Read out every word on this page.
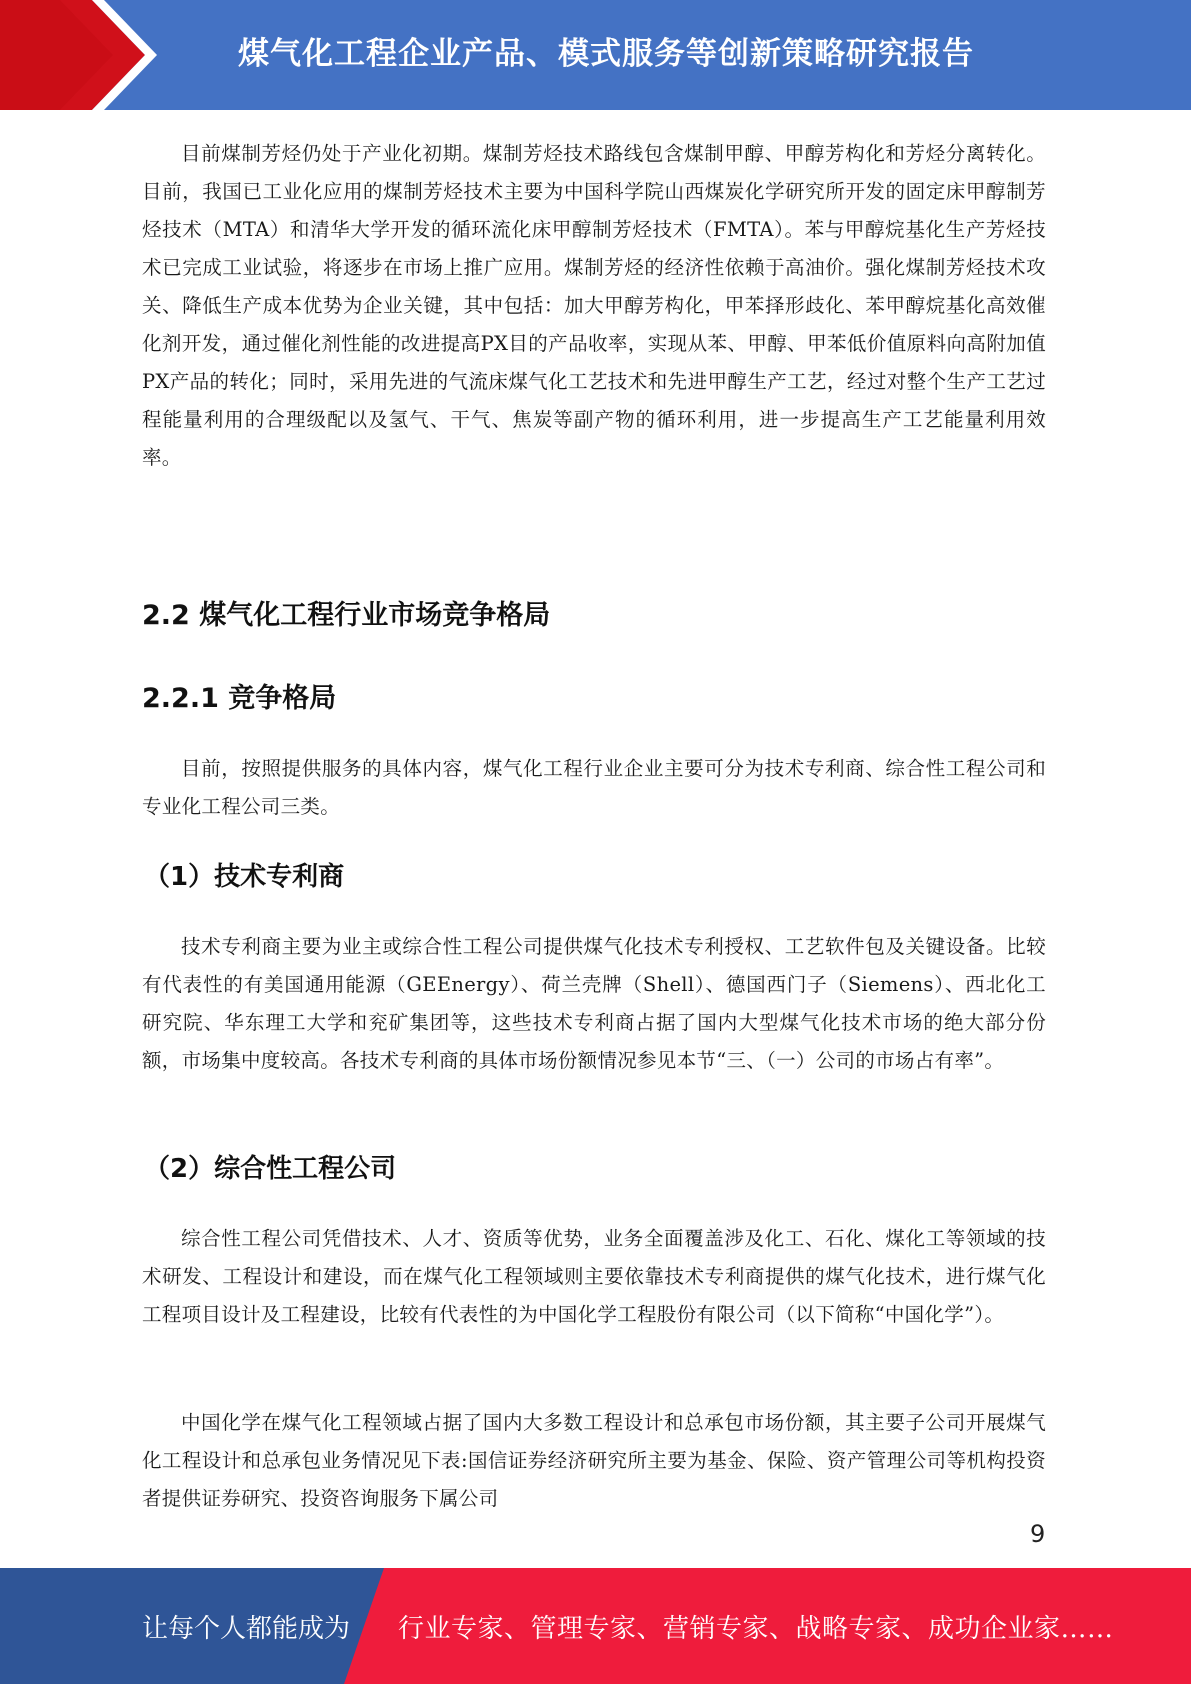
煤气化工程企业产品、模式服务等创新策略研究报告

目前煤制芳烃仍处于产业化初期。煤制芳烃技术路线包含煤制甲醇、甲醇芳构化和芳烃分离转化。目前，我国已工业化应用的煤制芳烃技术主要为中国科学院山西煤炭化学研究所开发的固定床甲醇制芳烃技术（MTA）和清华大学开发的循环流化床甲醇制芳烃技术（FMTA）。苯与甲醇烷基化生产芳烃技术已完成工业试验，将逐步在市场上推广应用。煤制芳烃的经济性依赖于高油价。强化煤制芳烃技术攻关、降低生产成本优势为企业关键，其中包括：加大甲醇芳构化，甲苯择形歧化、苯甲醇烷基化高效催化剂开发，通过催化剂性能的改进提高PX目的产品收率，实现从苯、甲醇、甲苯低价值原料向高附加值PX产品的转化；同时，采用先进的气流床煤气化工艺技术和先进甲醇生产工艺，经过对整个生产工艺过程能量利用的合理级配以及氢气、干气、焦炭等副产物的循环利用，进一步提高生产工艺能量利用效率。

2.2 煤气化工程行业市场竞争格局
2.2.1 竞争格局

目前，按照提供服务的具体内容，煤气化工程行业企业主要可分为技术专利商、综合性工程公司和专业化工程公司三类。

（1）技术专利商

技术专利商主要为业主或综合性工程公司提供煤气化技术专利授权、工艺软件包及关键设备。比较有代表性的有美国通用能源（GEEnergy）、荷兰壳牌（Shell）、德国西门子（Siemens）、西北化工研究院、华东理工大学和兖矿集团等，这些技术专利商占据了国内大型煤气化技术市场的绝大部分份额，市场集中度较高。各技术专利商的具体市场份额情况参见本节“三、（一）公司的市场占有率”。

（2）综合性工程公司

综合性工程公司凭借技术、人才、资质等优势，业务全面覆盖涉及化工、石化、煤化工等领域的技术研发、工程设计和建设，而在煤气化工程领域则主要依靠技术专利商提供的煤气化技术，进行煤气化工程项目设计及工程建设，比较有代表性的为中国化学工程股份有限公司（以下简称“中国化学”）。

中国化学在煤气化工程领域占据了国内大多数工程设计和总承包市场份额，其主要子公司开展煤气化工程设计和总承包业务情况见下表:国信证券经济研究所主要为基金、保险、资产管理公司等机构投资者提供证券研究、投资咨询服务下属公司

9
让每个人都能成为 行业专家、管理专家、营销专家、战略专家、成功企业家……
